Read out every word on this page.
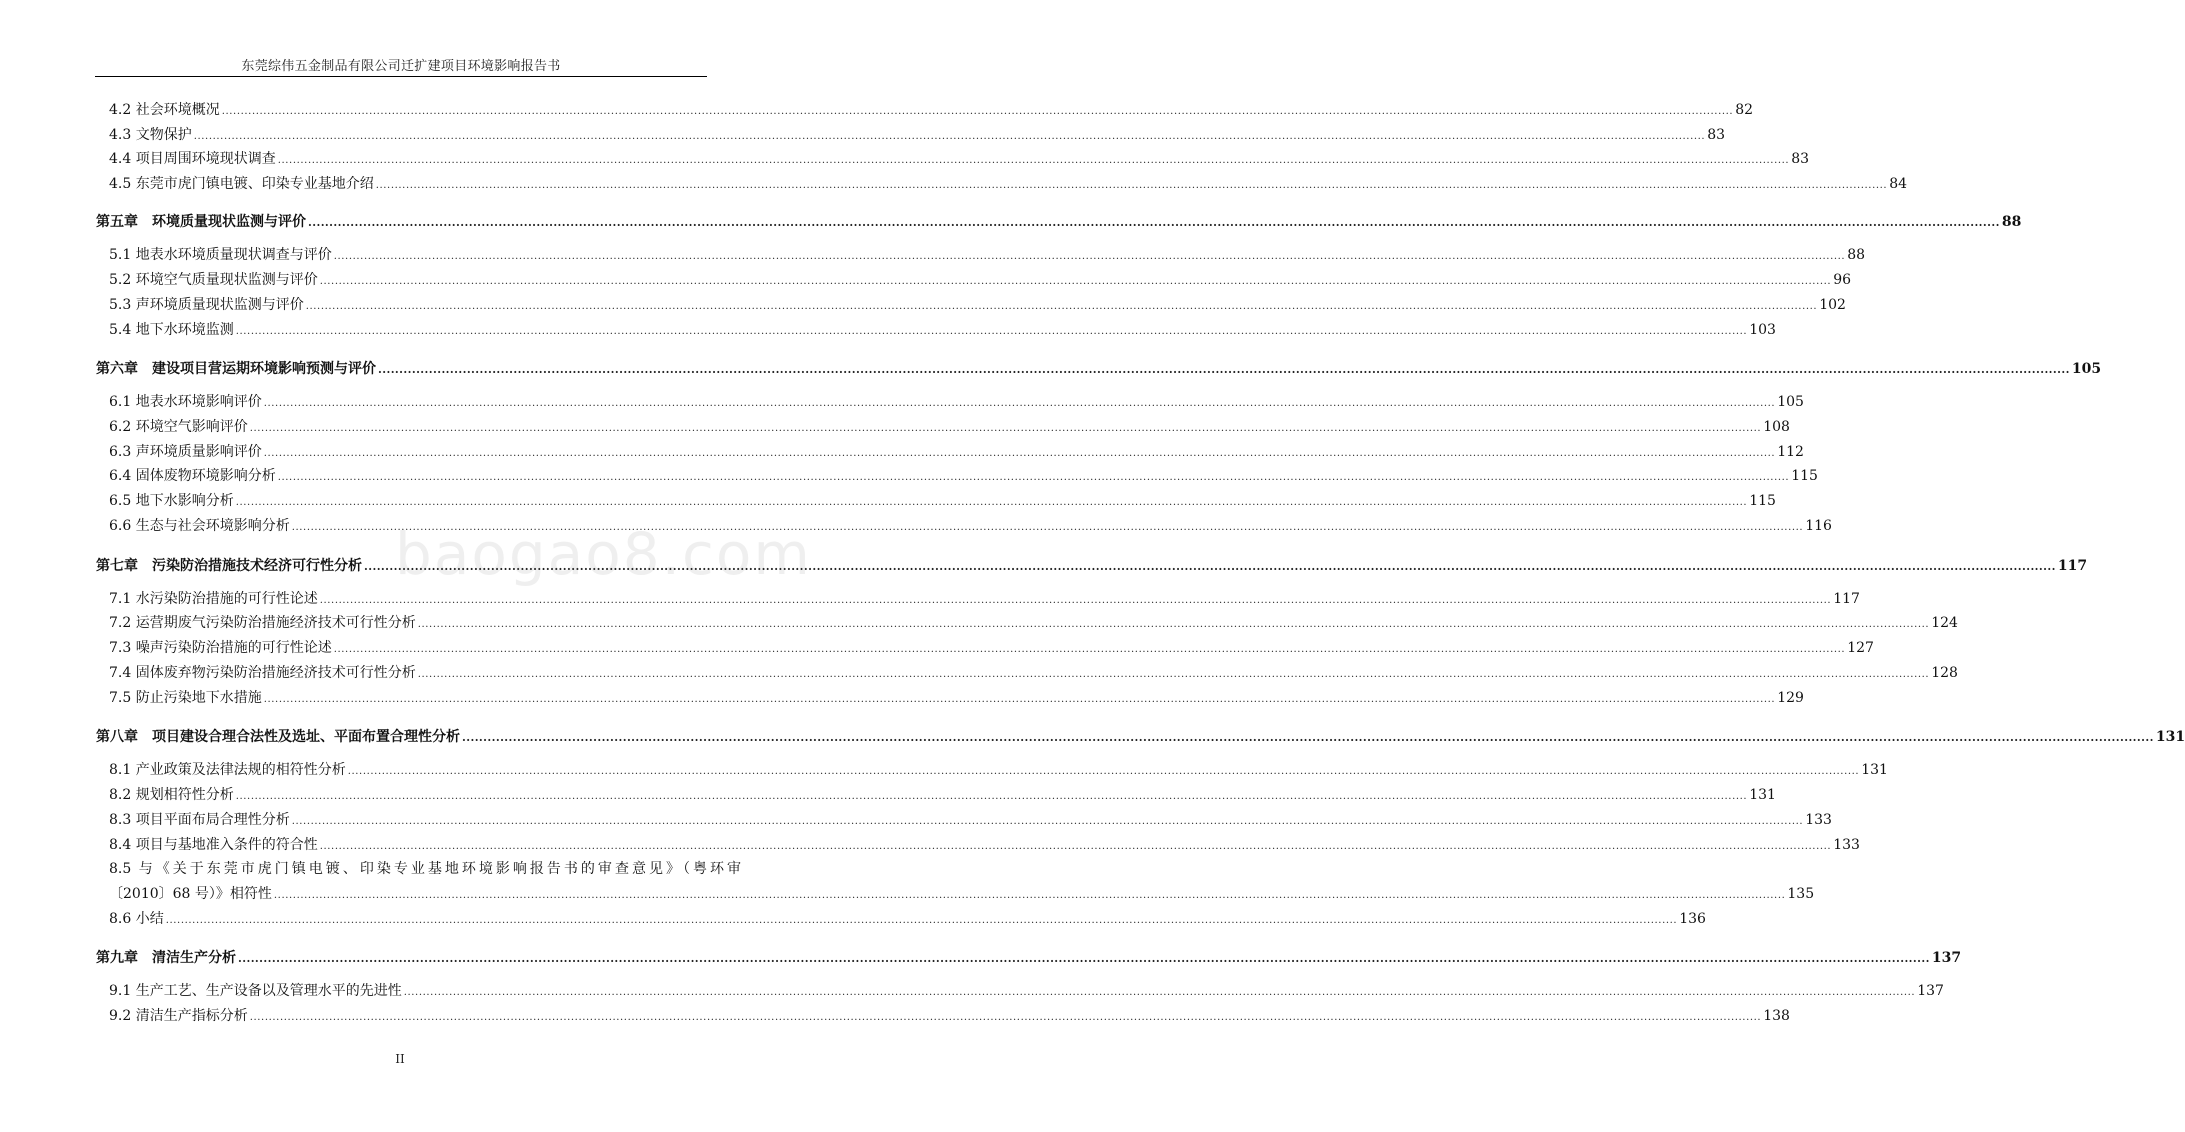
东莞综伟五金制品有限公司迁扩建项目环境影响报告书
4.2 社会环境概况 ................................................................................................................................................................................................................................................................................................................................................................................................................ 82
4.3 文物保护 ................................................................................................................................................................................................................................................................................................................................................................................................................ 83
4.4 项目周围环境现状调查 ................................................................................................................................................................................................................................................................................................................................................................................................................ 83
4.5 东莞市虎门镇电镀、印染专业基地介绍 ................................................................................................................................................................................................................................................................................................................................................................................................................ 84
第五章　环境质量现状监测与评价 ................................................................................................................................................................................................................................................................................................................................................................................................................ 88
5.1 地表水环境质量现状调查与评价 ................................................................................................................................................................................................................................................................................................................................................................................................................ 88
5.2 环境空气质量现状监测与评价 ................................................................................................................................................................................................................................................................................................................................................................................................................ 96
5.3 声环境质量现状监测与评价 ................................................................................................................................................................................................................................................................................................................................................................................................................ 102
5.4 地下水环境监测 ................................................................................................................................................................................................................................................................................................................................................................................................................ 103
第六章　建设项目营运期环境影响预测与评价 ................................................................................................................................................................................................................................................................................................................................................................................................................ 105
6.1 地表水环境影响评价 ................................................................................................................................................................................................................................................................................................................................................................................................................ 105
6.2 环境空气影响评价 ................................................................................................................................................................................................................................................................................................................................................................................................................ 108
6.3 声环境质量影响评价 ................................................................................................................................................................................................................................................................................................................................................................................................................ 112
6.4 固体废物环境影响分析 ................................................................................................................................................................................................................................................................................................................................................................................................................ 115
6.5 地下水影响分析 ................................................................................................................................................................................................................................................................................................................................................................................................................ 115
6.6 生态与社会环境影响分析 ................................................................................................................................................................................................................................................................................................................................................................................................................ 116
第七章　污染防治措施技术经济可行性分析 ................................................................................................................................................................................................................................................................................................................................................................................................................ 117
7.1 水污染防治措施的可行性论述 ................................................................................................................................................................................................................................................................................................................................................................................................................ 117
7.2 运营期废气污染防治措施经济技术可行性分析 ................................................................................................................................................................................................................................................................................................................................................................................................................ 124
7.3 噪声污染防治措施的可行性论述 ................................................................................................................................................................................................................................................................................................................................................................................................................ 127
7.4 固体废弃物污染防治措施经济技术可行性分析 ................................................................................................................................................................................................................................................................................................................................................................................................................ 128
7.5 防止污染地下水措施 ................................................................................................................................................................................................................................................................................................................................................................................................................ 129
第八章　项目建设合理合法性及选址、平面布置合理性分析 ................................................................................................................................................................................................................................................................................................................................................................................................................ 131
8.1 产业政策及法律法规的相符性分析 ................................................................................................................................................................................................................................................................................................................................................................................................................ 131
8.2 规划相符性分析 ................................................................................................................................................................................................................................................................................................................................................................................................................ 131
8.3 项目平面布局合理性分析 ................................................................................................................................................................................................................................................................................................................................................................................................................ 133
8.4 项目与基地准入条件的符合性 ................................................................................................................................................................................................................................................................................................................................................................................................................ 133
8.5 与《关于东莞市虎门镇电镀、印染专业基地环境影响报告书的审查意见》（粤环审
〔2010〕68 号）》相符性 ................................................................................................................................................................................................................................................................................................................................................................................................................ 135
8.6 小结 ................................................................................................................................................................................................................................................................................................................................................................................................................ 136
第九章　清洁生产分析 ................................................................................................................................................................................................................................................................................................................................................................................................................ 137
9.1 生产工艺、生产设备以及管理水平的先进性 ................................................................................................................................................................................................................................................................................................................................................................................................................ 137
9.2 清洁生产指标分析 ................................................................................................................................................................................................................................................................................................................................................................................................................ 138
baogao8.com
II
